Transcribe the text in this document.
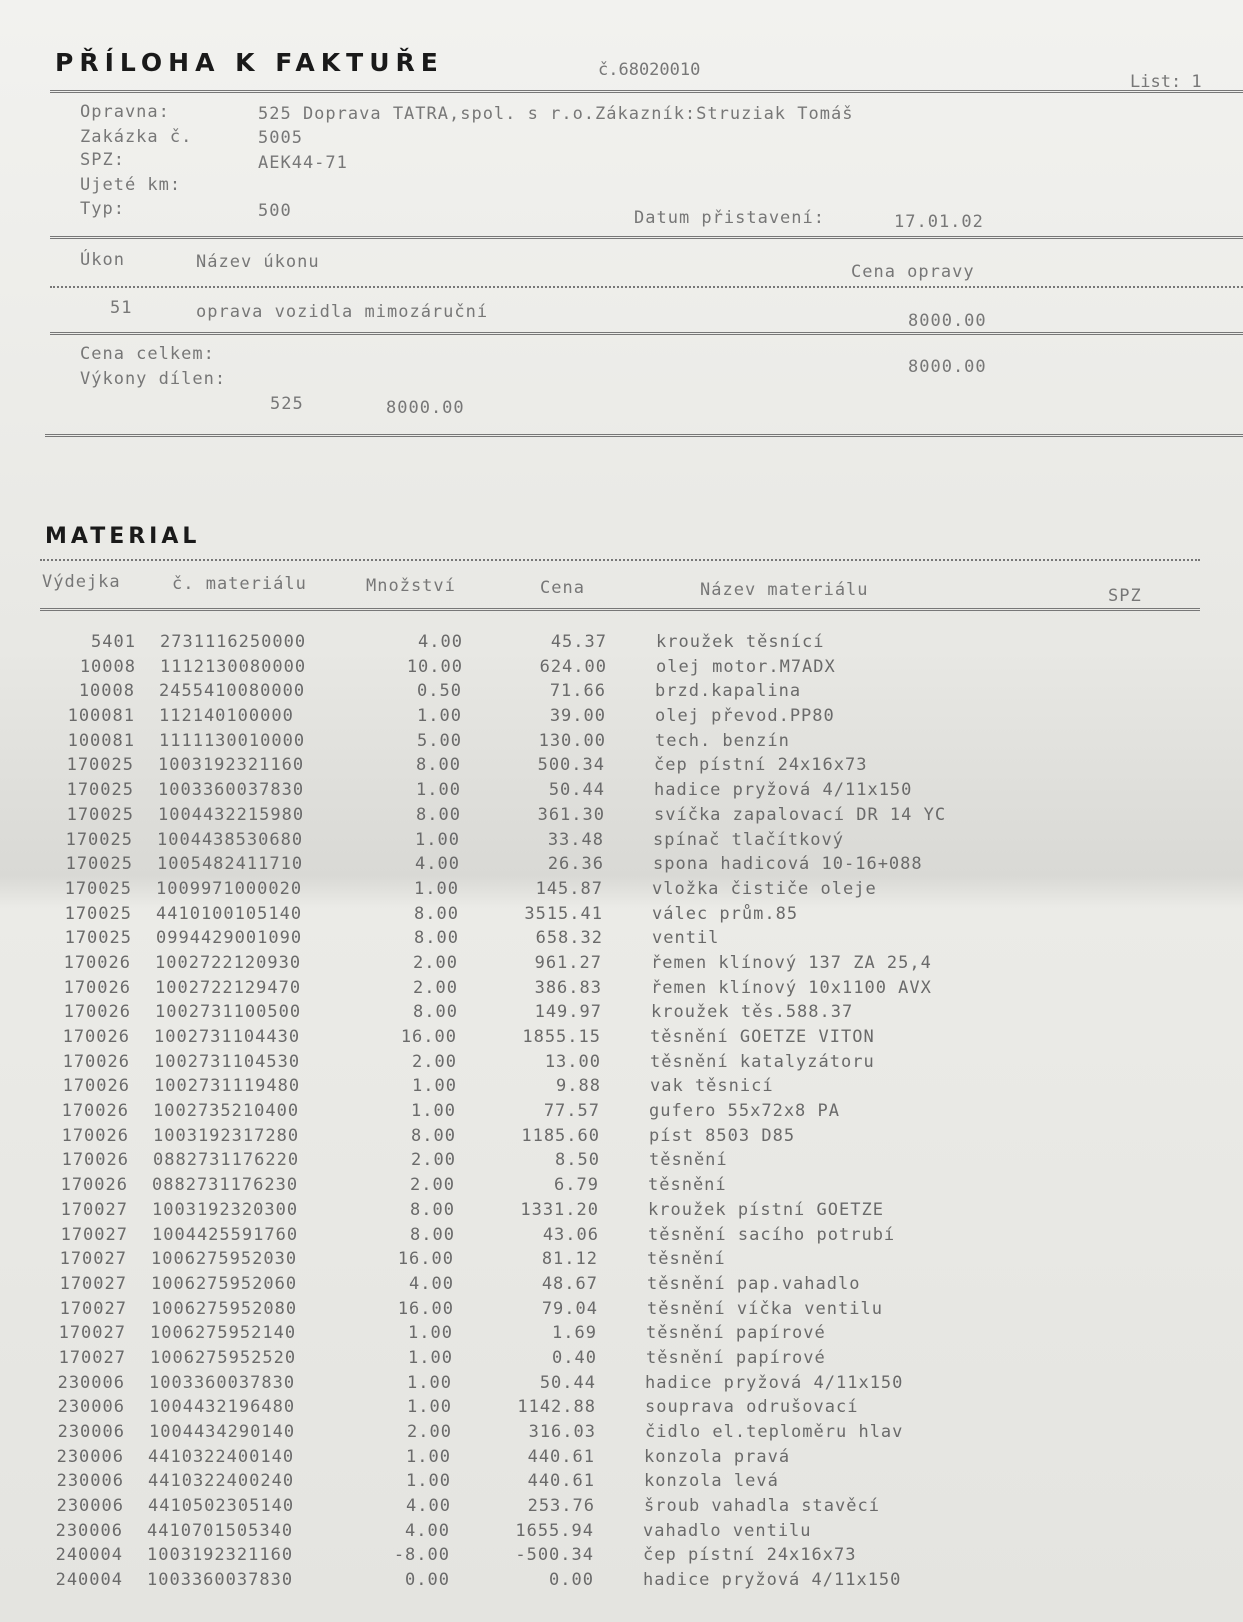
PŘÍLOHA K FAKTUŘE	č.68020010
List: 1
Opravna:	525 Doprava TATRA,spol. s r.o.Zákazník:Struziak Tomáš
Zakázka č.	5005
SPZ:	AEK44-71
Ujeté km:
Typ:	500	Datum přistavení:	17.01.02
Úkon	Název úkonu	Cena opravy
51	oprava vozidla mimozáruční	8000.00
Cena celkem:
8000.00
Výkony dílen:
525	8000.00
MATERIAL
Výdejka	č. materiálu	Množství	Cena	Název materiálu	SPZ
5401 2731116250000	4.00	45.37	kroužek těsnící
10008 1112130080000	10.00	624.00	olej motor.M7ADX
10008 2455410080000	0.50	71.66	brzd.kapalina
100081 112140100000	1.00	39.00	olej převod.PP80
100081 1111130010000	5.00	130.00	tech. benzín
170025 1003192321160	8.00	500.34	čep pístní 24x16x73
170025 1003360037830	1.00	50.44	hadice pryžová 4/11x150
170025 1004432215980	8.00	361.30	svíčka zapalovací DR 14 YC
170025 1004438530680	1.00	33.48	spínač tlačítkový
170025 1005482411710	4.00	26.36	spona hadicová 10-16+088
170025 1009971000020	1.00	145.87	vložka čističe oleje
170025 4410100105140	8.00	3515.41	válec prům.85
170025 0994429001090	8.00	658.32	ventil
170026 1002722120930	2.00	961.27	řemen klínový 137 ZA 25,4
170026 1002722129470	2.00	386.83	řemen klínový 10x1100 AVX
170026 1002731100500	8.00	149.97	kroužek těs.588.37
170026 1002731104430	16.00	1855.15	těsnění GOETZE VITON
170026 1002731104530	2.00	13.00	těsnění katalyzátoru
170026 1002731119480	1.00	9.88	vak těsnicí
170026 1002735210400	1.00	77.57	gufero 55x72x8 PA
170026 1003192317280	8.00	1185.60	píst 8503 D85
170026 0882731176220	2.00	8.50	těsnění
170026 0882731176230	2.00	6.79	těsnění
170027 1003192320300	8.00	1331.20	kroužek pístní GOETZE
170027 1004425591760	8.00	43.06	těsnění sacího potrubí
170027 1006275952030	16.00	81.12	těsnění
170027 1006275952060	4.00	48.67	těsnění pap.vahadlo
170027 1006275952080	16.00	79.04	těsnění víčka ventilu
170027 1006275952140	1.00	1.69	těsnění papírové
170027 1006275952520	1.00	0.40	těsnění papírové
230006 1003360037830	1.00	50.44	hadice pryžová 4/11x150
230006 1004432196480	1.00	1142.88	souprava odrušovací
230006 1004434290140	2.00	316.03	čidlo el.teploměru hlav
230006 4410322400140	1.00	440.61	konzola pravá
230006 4410322400240	1.00	440.61	konzola levá
230006 4410502305140	4.00	253.76	šroub vahadla stavěcí
230006 4410701505340	4.00	1655.94	vahadlo ventilu
240004 1003192321160	-8.00	-500.34	čep pístní 24x16x73
240004 1003360037830	0.00	0.00	hadice pryžová 4/11x150
